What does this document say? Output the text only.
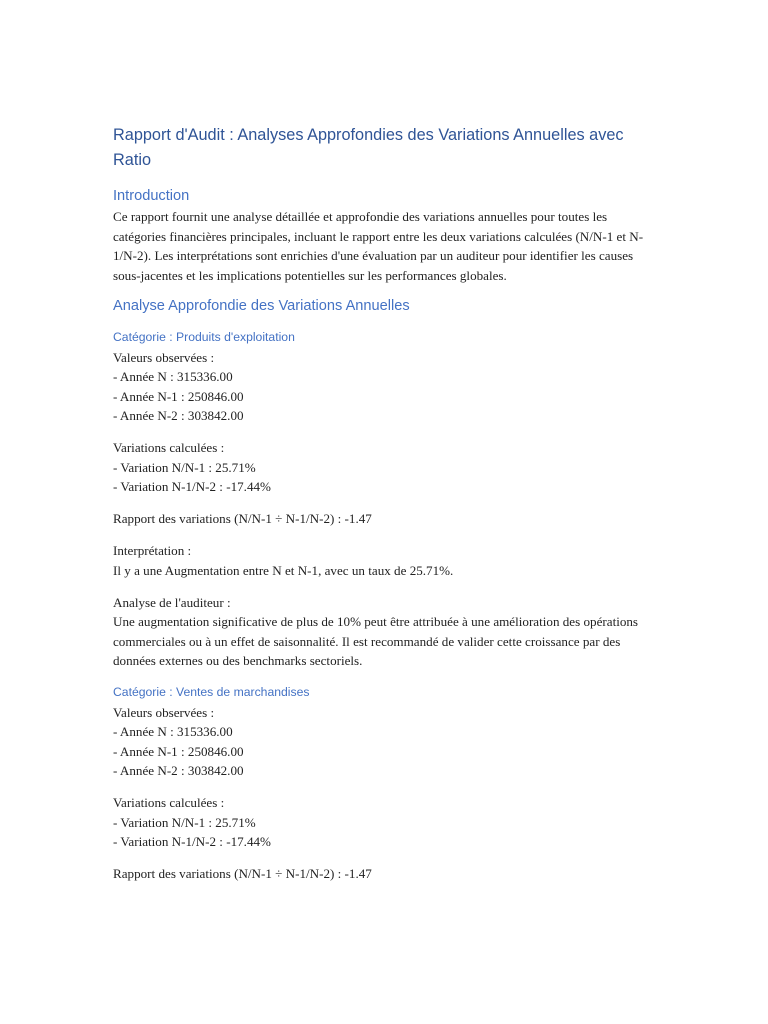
Rapport d'Audit : Analyses Approfondies des Variations Annuelles avec Ratio
Introduction

Ce rapport fournit une analyse détaillée et approfondie des variations annuelles pour toutes les catégories financières principales, incluant le rapport entre les deux variations calculées (N/N-1 et N-1/N-2). Les interprétations sont enrichies d'une évaluation par un auditeur pour identifier les causes sous-jacentes et les implications potentielles sur les performances globales.

Analyse Approfondie des Variations Annuelles
Catégorie : Produits d'exploitation

Valeurs observées :

- Année N : 315336.00

- Année N-1 : 250846.00

- Année N-2 : 303842.00

Variations calculées :

- Variation N/N-1 : 25.71%

- Variation N-1/N-2 : -17.44%

Rapport des variations (N/N-1 ÷ N-1/N-2) : -1.47

Interprétation :

Il y a une Augmentation entre N et N-1, avec un taux de 25.71%.

Analyse de l'auditeur :

Une augmentation significative de plus de 10% peut être attribuée à une amélioration des opérations commerciales ou à un effet de saisonnalité. Il est recommandé de valider cette croissance par des données externes ou des benchmarks sectoriels.

Catégorie : Ventes de marchandises

Valeurs observées :

- Année N : 315336.00

- Année N-1 : 250846.00

- Année N-2 : 303842.00

Variations calculées :

- Variation N/N-1 : 25.71%

- Variation N-1/N-2 : -17.44%

Rapport des variations (N/N-1 ÷ N-1/N-2) : -1.47
